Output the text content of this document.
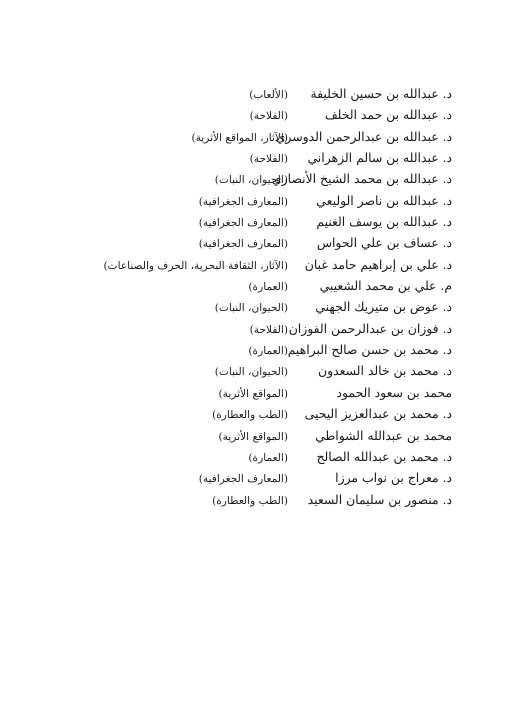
د. عبدالله بن حسين الخليفة
(الألعاب)
د. عبدالله بن حمد الخلف
(الفلاحة)
د. عبدالله بن عبدالرحمن الدوسري
(الآثار، المواقع الأثرية)
د. عبدالله بن سالم الزهراني
(الفلاحة)
د. عبدالله بن محمد الشيخ الأنصاري
(الحيوان، النبات)
د. عبدالله بن ناصر الوليعي
(المعارف الجغرافية)
د. عبدالله بن يوسف الغنيم
(المعارف الجغرافية)
د. عساف بن علي الحواس
(المعارف الجغرافية)
د. علي بن إبراهيم حامد غبان
(الآثار، الثقافة البحرية، الحرف والصناعات)
م. علي بن محمد الشعيبي
(العمارة)
د. عوض بن متيريك الجهني
(الحيوان، النبات)
د. فوزان بن عبدالرحمن الفوزان
(الفلاحة)
د. محمد بن حسن صالح البراهيم
(العمارة)
د. محمد بن خالد السعدون
(الحيوان، النبات)
محمد بن سعود الحمود
(المواقع الأثرية)
د. محمد بن عبدالعزيز اليحيى
(الطب والعطارة)
محمد بن عبدالله الشواطي
(المواقع الأثرية)
د. محمد بن عبدالله الصالح
(العمارة)
د. معراج بن نواب مرزا
(المعارف الجغرافية)
د. منصور بن سليمان السعيد
(الطب والعطارة)
